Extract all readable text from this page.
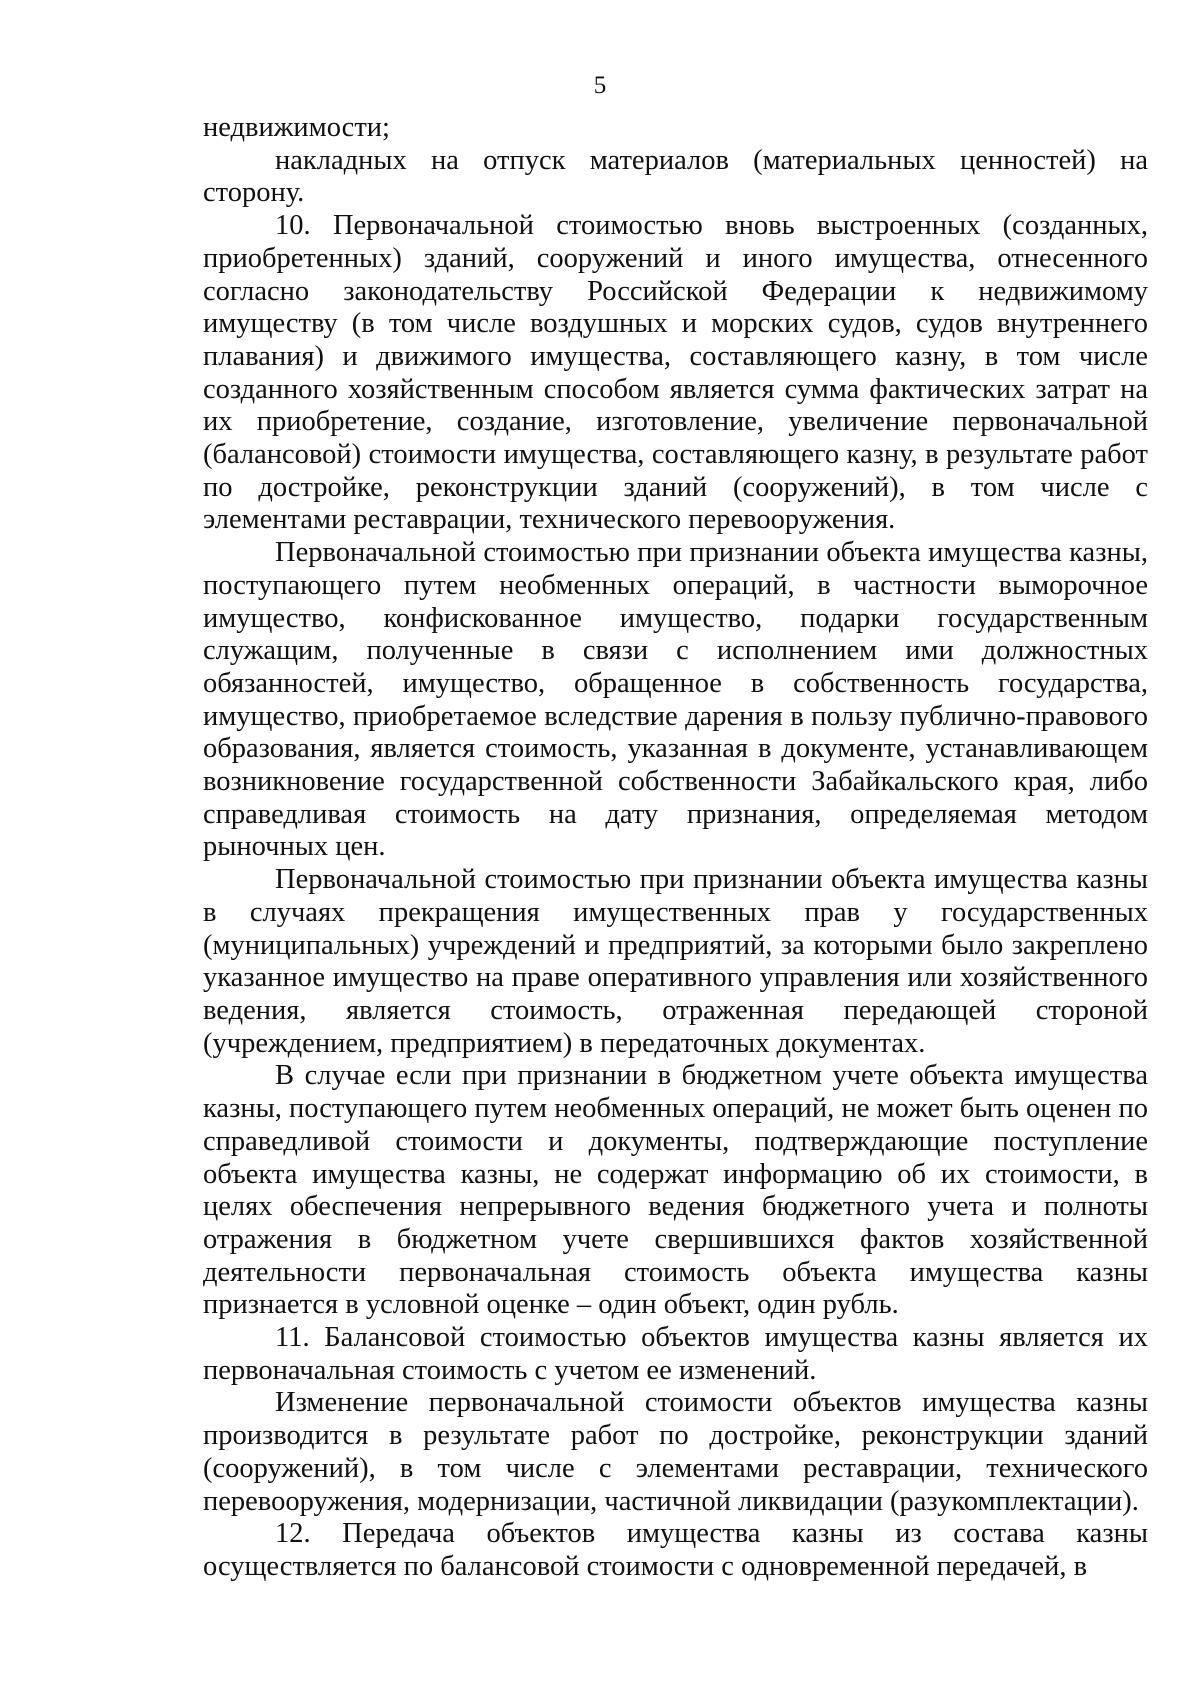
5

недвижимости;

накладных на отпуск материалов (материальных ценностей) на сторону.

10. Первоначальной стоимостью вновь выстроенных (созданных, приобретенных) зданий, сооружений и иного имущества, отнесенного согласно законодательству Российской Федерации к недвижимому имуществу (в том числе воздушных и морских судов, судов внутреннего плавания) и движимого имущества, составляющего казну, в том числе созданного хозяйственным способом является сумма фактических затрат на их приобретение, создание, изготовление, увеличение первоначальной (балансовой) стоимости имущества, составляющего казну, в результате работ по достройке, реконструкции зданий (сооружений), в том числе с элементами реставрации, технического перевооружения.

Первоначальной стоимостью при признании объекта имущества казны, поступающего путем необменных операций, в частности выморочное имущество, конфискованное имущество, подарки государственным служащим, полученные в связи с исполнением ими должностных обязанностей, имущество, обращенное в собственность государства, имущество, приобретаемое вследствие дарения в пользу публично-правового образования, является стоимость, указанная в документе, устанавливающем возникновение государственной собственности Забайкальского края, либо справедливая стоимость на дату признания, определяемая методом рыночных цен.

Первоначальной стоимостью при признании объекта имущества казны в случаях прекращения имущественных прав у государственных (муниципальных) учреждений и предприятий, за которыми было закреплено указанное имущество на праве оперативного управления или хозяйственного ведения, является стоимость, отраженная передающей стороной (учреждением, предприятием) в передаточных документах.

В случае если при признании в бюджетном учете объекта имущества казны, поступающего путем необменных операций, не может быть оценен по справедливой стоимости и документы, подтверждающие поступление объекта имущества казны, не содержат информацию об их стоимости, в целях обеспечения непрерывного ведения бюджетного учета и полноты отражения в бюджетном учете свершившихся фактов хозяйственной деятельности первоначальная стоимость объекта имущества казны признается в условной оценке – один объект, один рубль.

11. Балансовой стоимостью объектов имущества казны является их первоначальная стоимость с учетом ее изменений.

Изменение первоначальной стоимости объектов имущества казны производится в результате работ по достройке, реконструкции зданий (сооружений), в том числе с элементами реставрации, технического перевооружения, модернизации, частичной ликвидации (разукомплектации).

12. Передача объектов имущества казны из состава казны осуществляется по балансовой стоимости с одновременной передачей, в
